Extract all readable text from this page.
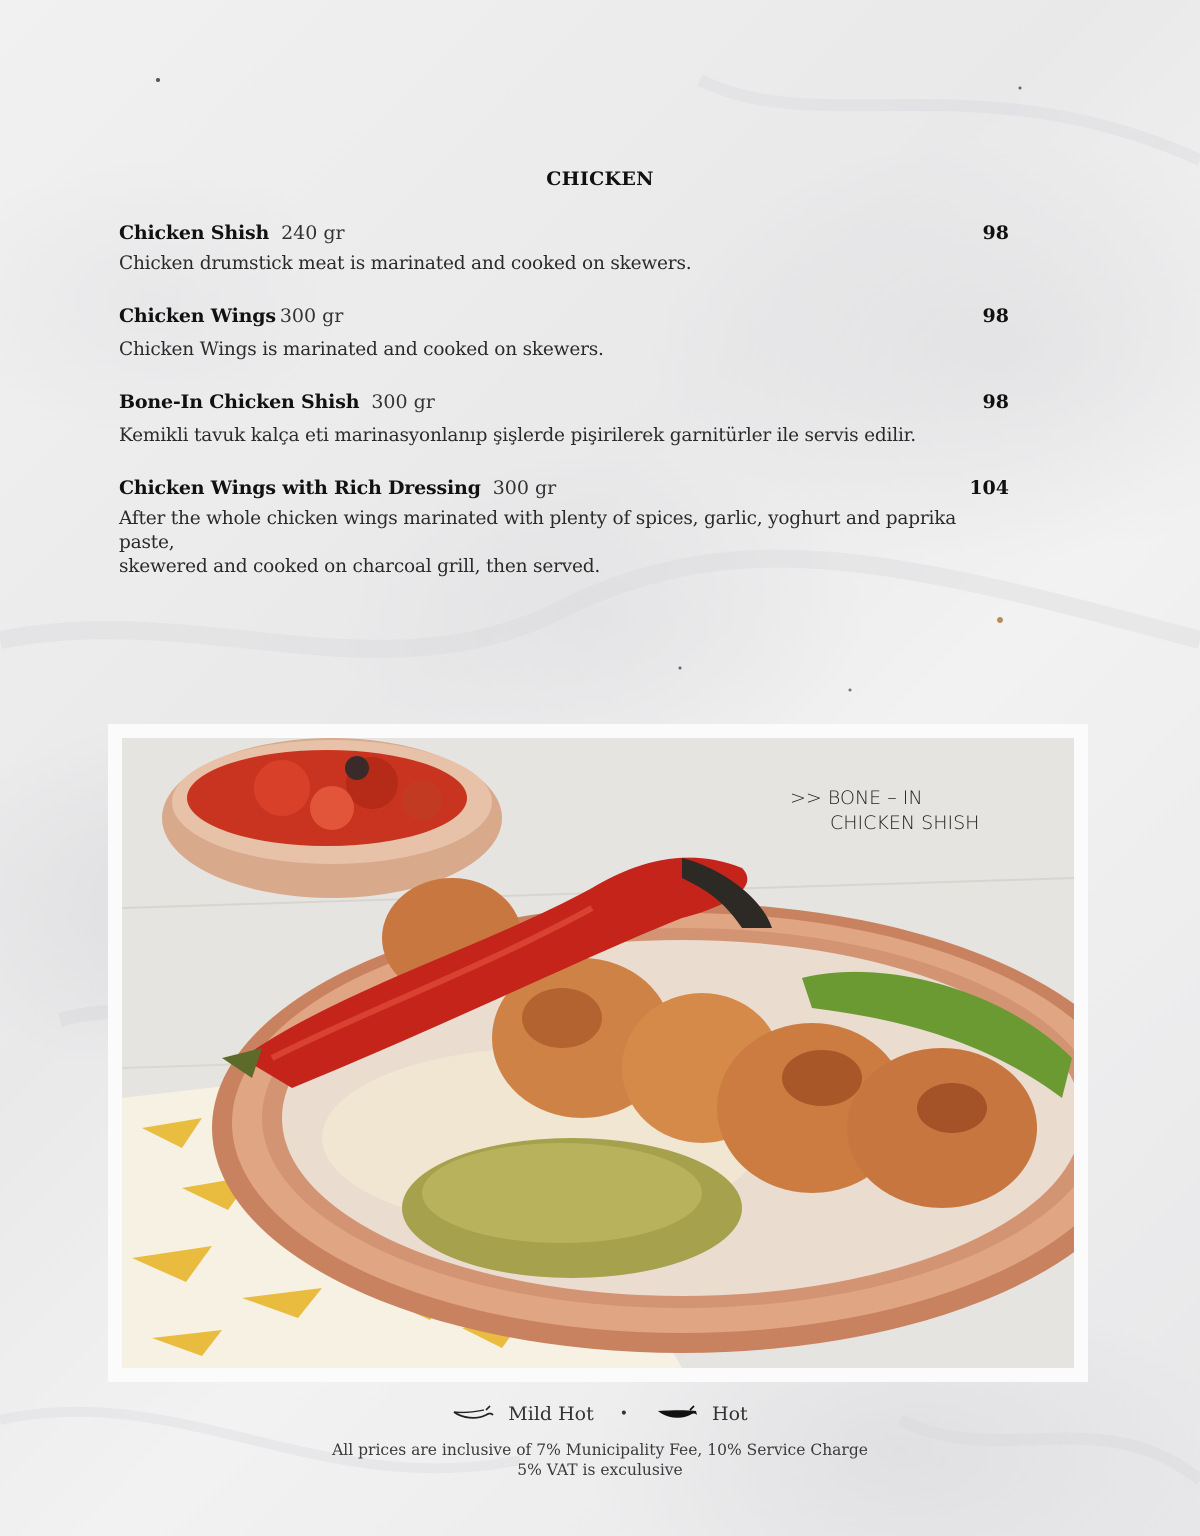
CHICKEN
Chicken Shish 240 gr	98
Chicken drumstick meat is marinated and cooked on skewers.
Chicken Wings 300 gr	98
Chicken Wings is marinated and cooked on skewers.
Bone-In Chicken Shish 300 gr	98
Kemikli tavuk kalça eti marinasyonlanıp şişlerde pişirilerek garnitürler ile servis edilir.
Chicken Wings with Rich Dressing 300 gr	104
After the whole chicken wings marinated with plenty of spices, garlic, yoghurt and paprika paste,
skewered and cooked on charcoal grill, then served.
>> BONE – IN
CHICKEN SHISH
Mild Hot •	Hot
All prices are inclusive of 7% Municipality Fee, 10% Service Charge
5% VAT is exculusive
